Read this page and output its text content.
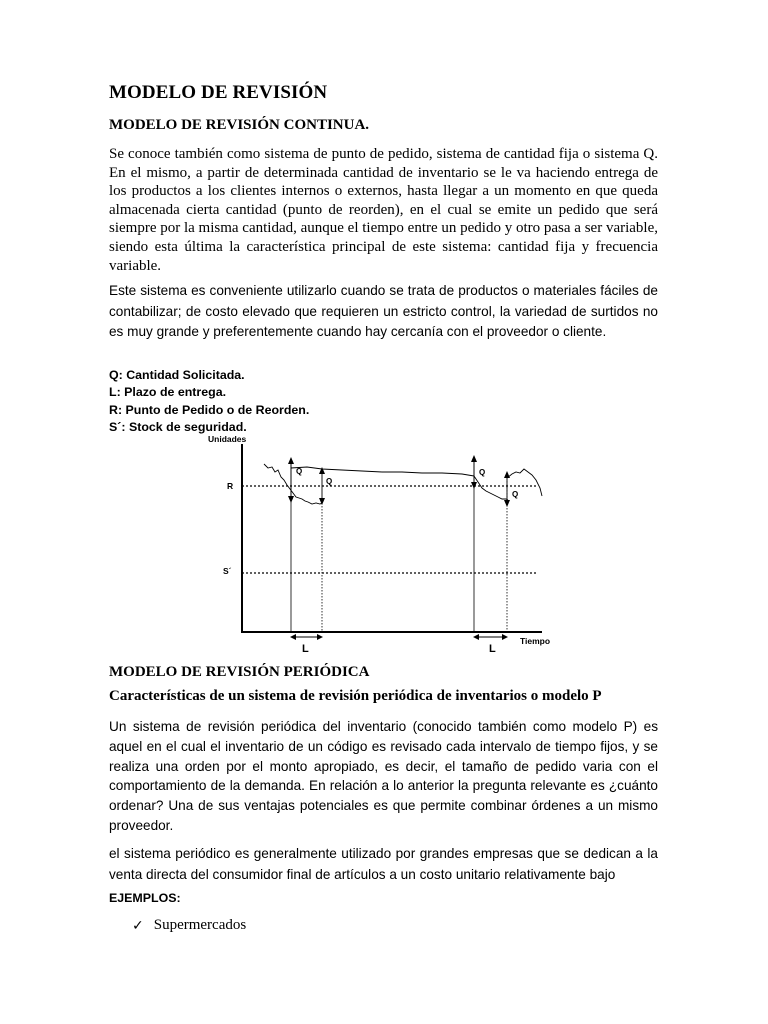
MODELO DE REVISIÓN
MODELO DE REVISIÓN CONTINUA.

Se conoce también como sistema de punto de pedido, sistema de cantidad fija o sistema Q. En el mismo, a partir de determinada cantidad de inventario se le va haciendo entrega de los productos a los clientes internos o externos, hasta llegar a un momento en que queda almacenada cierta cantidad (punto de reorden), en el cual se emite un pedido que será siempre por la misma cantidad, aunque el tiempo entre un pedido y otro pasa a ser variable, siendo esta última la característica principal de este sistema: cantidad fija y frecuencia variable.

Este sistema es conveniente utilizarlo cuando se trata de productos o materiales fáciles de contabilizar; de costo elevado que requieren un estricto control, la variedad de surtidos no es muy grande y preferentemente cuando hay cercanía con el proveedor o cliente.

Q: Cantidad Solicitada.
L: Plazo de entrega.
R: Punto de Pedido o de Reorden.
S´: Stock de seguridad.
Unidades
Tiempo
R
S´
Q
Q
Q
Q
L	L
MODELO DE REVISIÓN PERIÓDICA
Características de un sistema de revisión periódica de inventarios o modelo P

Un sistema de revisión periódica del inventario (conocido también como modelo P) es aquel en el cual el inventario de un código es revisado cada intervalo de tiempo fijos, y se realiza una orden por el monto apropiado, es decir, el tamaño de pedido varia con el comportamiento de la demanda. En relación a lo anterior la pregunta relevante es ¿cuánto ordenar? Una de sus ventajas potenciales es que permite combinar órdenes a un mismo proveedor.

el sistema periódico es generalmente utilizado por grandes empresas que se dedican a la venta directa del consumidor final de artículos a un costo unitario relativamente bajo

EJEMPLOS:
✓ Supermercados
